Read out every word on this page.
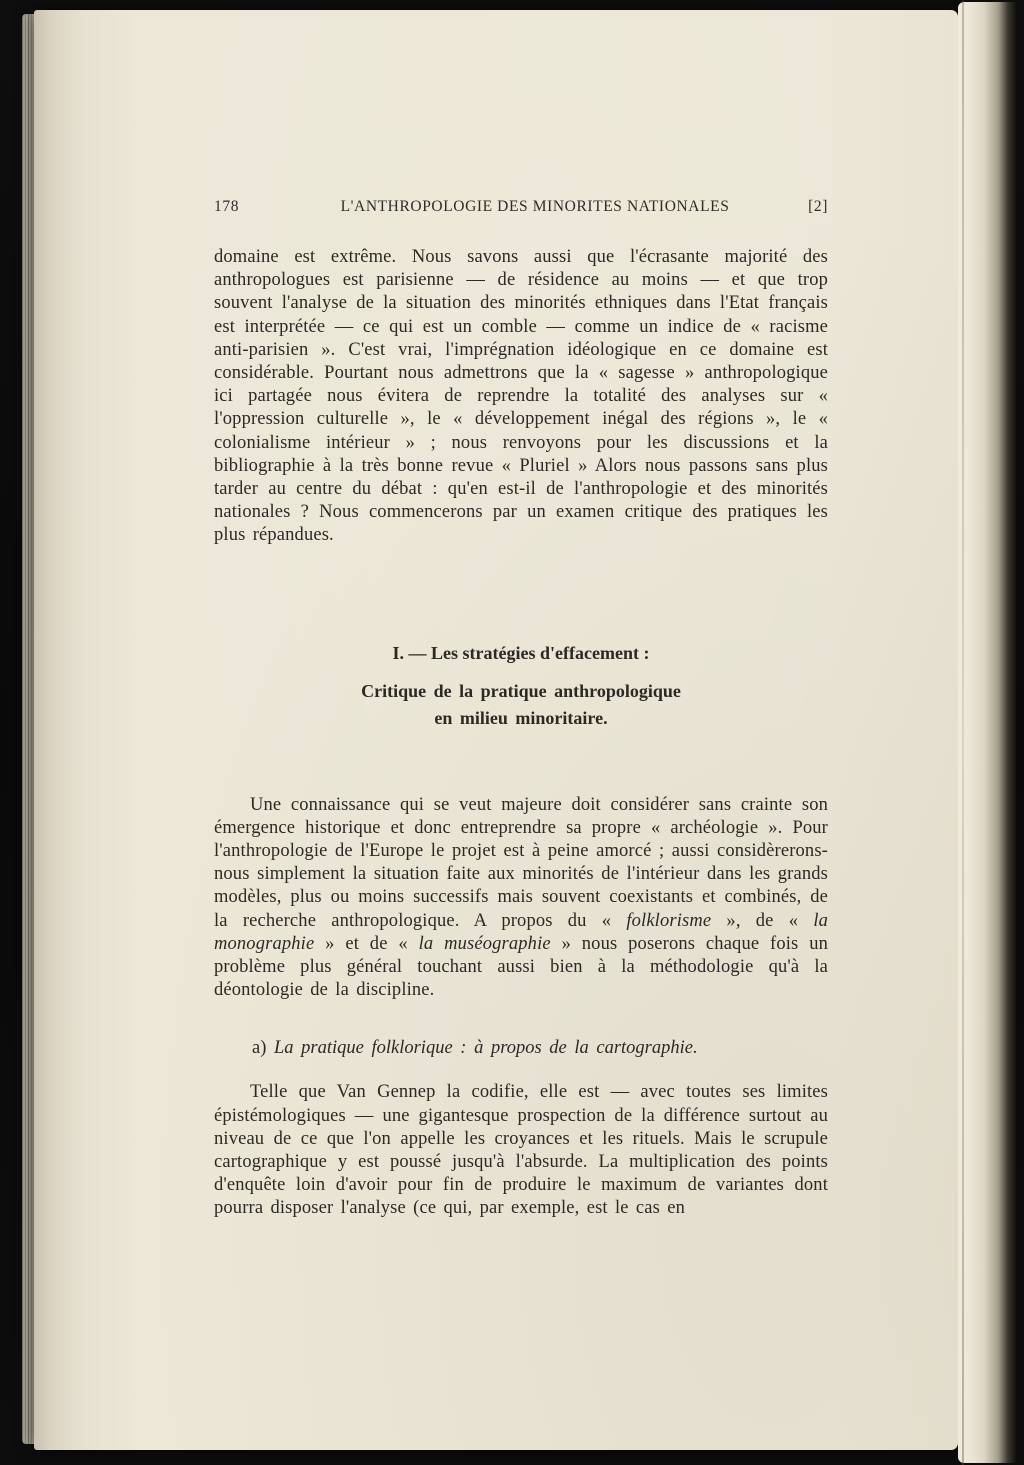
178	L'ANTHROPOLOGIE DES MINORITES NATIONALES	[2]

domaine est extrême. Nous savons aussi que l'écrasante majorité des anthropologues est parisienne — de résidence au moins — et que trop souvent l'analyse de la situation des minorités ethniques dans l'Etat français est interprétée — ce qui est un comble — comme un indice de « racisme anti-parisien ». C'est vrai, l'imprégnation idéologique en ce domaine est considérable. Pourtant nous admettrons que la « sagesse » anthropologique ici partagée nous évitera de reprendre la totalité des analyses sur « l'oppression culturelle », le « développement inégal des régions », le « colonialisme intérieur » ; nous renvoyons pour les discussions et la bibliographie à la très bonne revue « Pluriel » Alors nous passons sans plus tarder au centre du débat : qu'en est-il de l'anthropologie et des minorités nationales ? Nous commencerons par un examen critique des pratiques les plus répandues.

I. — Les stratégies d'effacement :

Critique de la pratique anthropologique

en milieu minoritaire.

Une connaissance qui se veut majeure doit considérer sans crainte son émergence historique et donc entreprendre sa propre « archéologie ». Pour l'anthropologie de l'Europe le projet est à peine amorcé ; aussi considèrerons-nous simplement la situation faite aux minorités de l'intérieur dans les grands modèles, plus ou moins successifs mais souvent coexistants et combinés, de la recherche anthropologique. A propos du « folklorisme », de « la monographie » et de « la muséographie » nous poserons chaque fois un problème plus général touchant aussi bien à la méthodologie qu'à la déontologie de la discipline.

a) La pratique folklorique : à propos de la cartographie.

Telle que Van Gennep la codifie, elle est — avec toutes ses limites épistémologiques — une gigantesque prospection de la différence surtout au niveau de ce que l'on appelle les croyances et les rituels. Mais le scrupule cartographique y est poussé jusqu'à l'absurde. La multiplication des points d'enquête loin d'avoir pour fin de produire le maximum de variantes dont pourra disposer l'analyse (ce qui, par exemple, est le cas en
